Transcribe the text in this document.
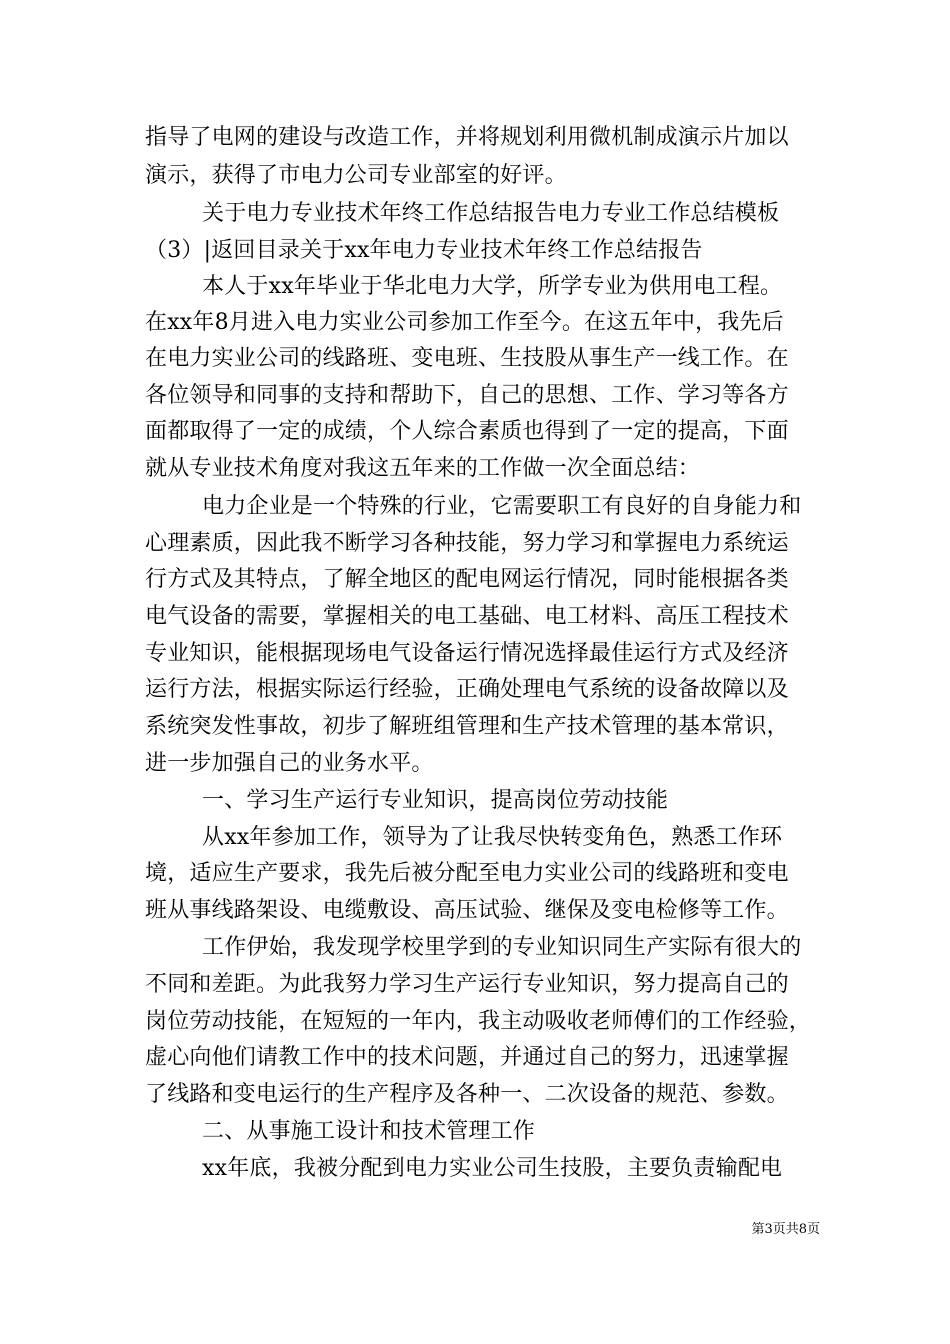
指导了电网的建设与改造工作，并将规划利用微机制成演示片加以
演示，获得了市电力公司专业部室的好评。
关于电力专业技术年终工作总结报告电力专业工作总结模板
（3）|返回目录关于xx年电力专业技术年终工作总结报告
本人于xx年毕业于华北电力大学，所学专业为供用电工程。
在xx年8月进入电力实业公司参加工作至今。在这五年中，我先后
在电力实业公司的线路班、变电班、生技股从事生产一线工作。在
各位领导和同事的支持和帮助下，自己的思想、工作、学习等各方
面都取得了一定的成绩，个人综合素质也得到了一定的提高，下面
就从专业技术角度对我这五年来的工作做一次全面总结：
电力企业是一个特殊的行业，它需要职工有良好的自身能力和
心理素质，因此我不断学习各种技能，努力学习和掌握电力系统运
行方式及其特点，了解全地区的配电网运行情况，同时能根据各类
电气设备的需要，掌握相关的电工基础、电工材料、高压工程技术
专业知识，能根据现场电气设备运行情况选择最佳运行方式及经济
运行方法，根据实际运行经验，正确处理电气系统的设备故障以及
系统突发性事故，初步了解班组管理和生产技术管理的基本常识，
进一步加强自己的业务水平。
一、学习生产运行专业知识，提高岗位劳动技能
从xx年参加工作，领导为了让我尽快转变角色，熟悉工作环
境，适应生产要求，我先后被分配至电力实业公司的线路班和变电
班从事线路架设、电缆敷设、高压试验、继保及变电检修等工作。
工作伊始，我发现学校里学到的专业知识同生产实际有很大的
不同和差距。为此我努力学习生产运行专业知识，努力提高自己的
岗位劳动技能，在短短的一年内，我主动吸收老师傅们的工作经验，
虚心向他们请教工作中的技术问题，并通过自己的努力，迅速掌握
了线路和变电运行的生产程序及各种一、二次设备的规范、参数。
二、从事施工设计和技术管理工作
xx年底，我被分配到电力实业公司生技股，主要负责输配电
第3页共8页
